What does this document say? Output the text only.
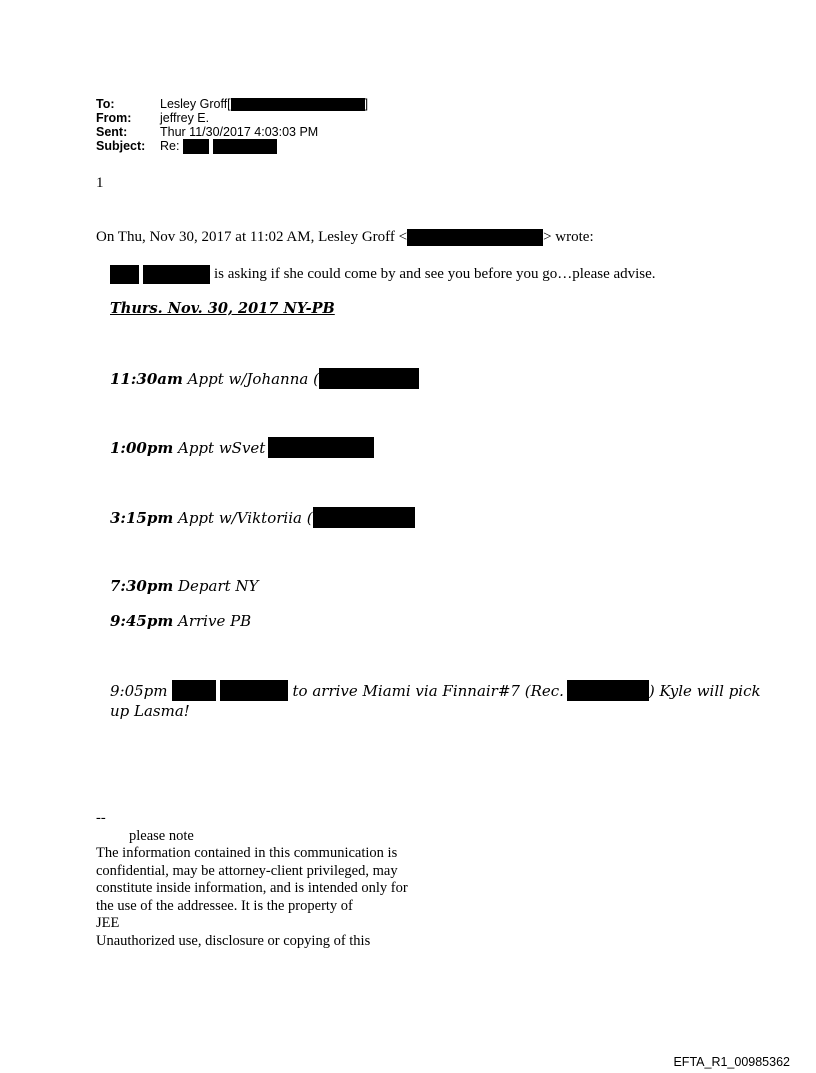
To:	Lesley Groff[	]
From:	jeffrey E.
Sent:	Thur 11/30/2017 4:03:03 PM
Subject:	Re:
1
On Thu, Nov 30, 2017 at 11:02 AM, Lesley Groff <	> wrote:
is asking if she could come by and see you before you go…please advise.
Thurs. Nov. 30, 2017 NY-PB
11:30am
Appt w/Johanna (
1:00pm
Appt wSvet
3:15pm
Appt w/Viktoriia (
7:30pm Depart NY
9:45pm Arrive PB
9:05pm	to arrive Miami via Finnair#7 (Rec.	) Kyle will pick
up Lasma!
--
please note
The information contained in this communication is
confidential, may be attorney-client privileged, may
constitute inside information, and is intended only for
the use of the addressee. It is the property of
JEE
Unauthorized use, disclosure or copying of this
EFTA_R1_00985362
